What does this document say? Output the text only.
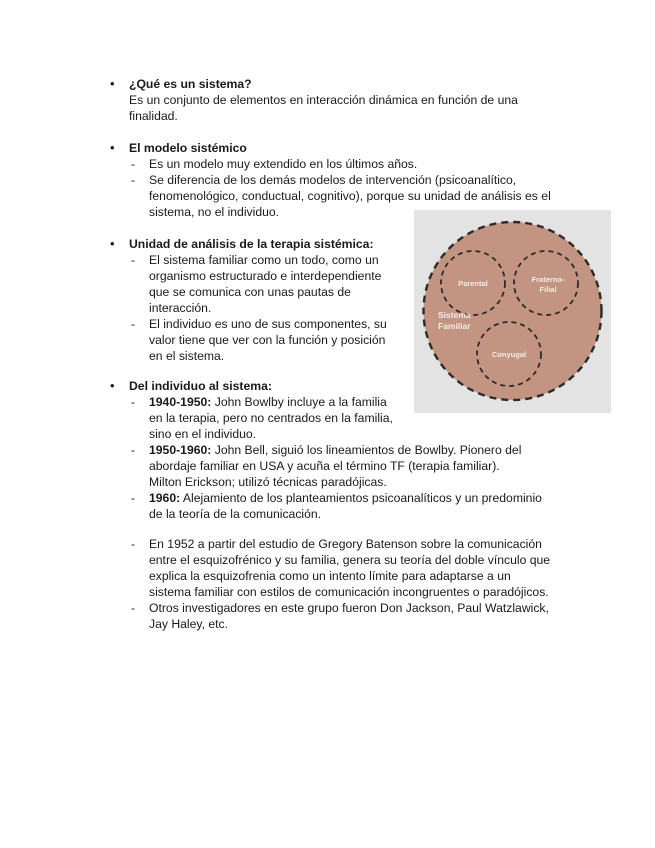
• ¿Qué es un sistema?
Es un conjunto de elementos en interacción dinámica en función de una
finalidad.
• El modelo sistémico
- Es un modelo muy extendido en los últimos años.
- Se diferencia de los demás modelos de intervención (psicoanalítico,
fenomenológico, conductual, cognitivo), porque su unidad de análisis es el
sistema, no el individuo.
• Unidad de análisis de la terapia sistémica:
- El sistema familiar como un todo, como un
organismo estructurado e interdependiente
que se comunica con unas pautas de
interacción.
- El individuo es uno de sus componentes, su
valor tiene que ver con la función y posición
en el sistema.
• Del individuo al sistema:
- 1940-1950: John Bowlby incluye a la familia
en la terapia, pero no centrados en la familia,
sino en el individuo.
- 1950-1960: John Bell, siguió los lineamientos de Bowlby. Pionero del
abordaje familiar en USA y acuña el término TF (terapia familiar).
Milton Erickson; utilizó técnicas paradójicas.
- 1960: Alejamiento de los planteamientos psicoanalíticos y un predominio
de la teoría de la comunicación.
- En 1952 a partir del estudio de Gregory Batenson sobre la comunicación
entre el esquizofrénico y su familia, genera su teoría del doble vínculo que
explica la esquizofrenia como un intento límite para adaptarse a un
sistema familiar con estilos de comunicación incongruentes o paradójicos.
- Otros investigadores en este grupo fueron Don Jackson, Paul Watzlawick,
Jay Haley, etc.
Parental	Fraterno-
Filial
Conyugal
Sistema
Familiar
